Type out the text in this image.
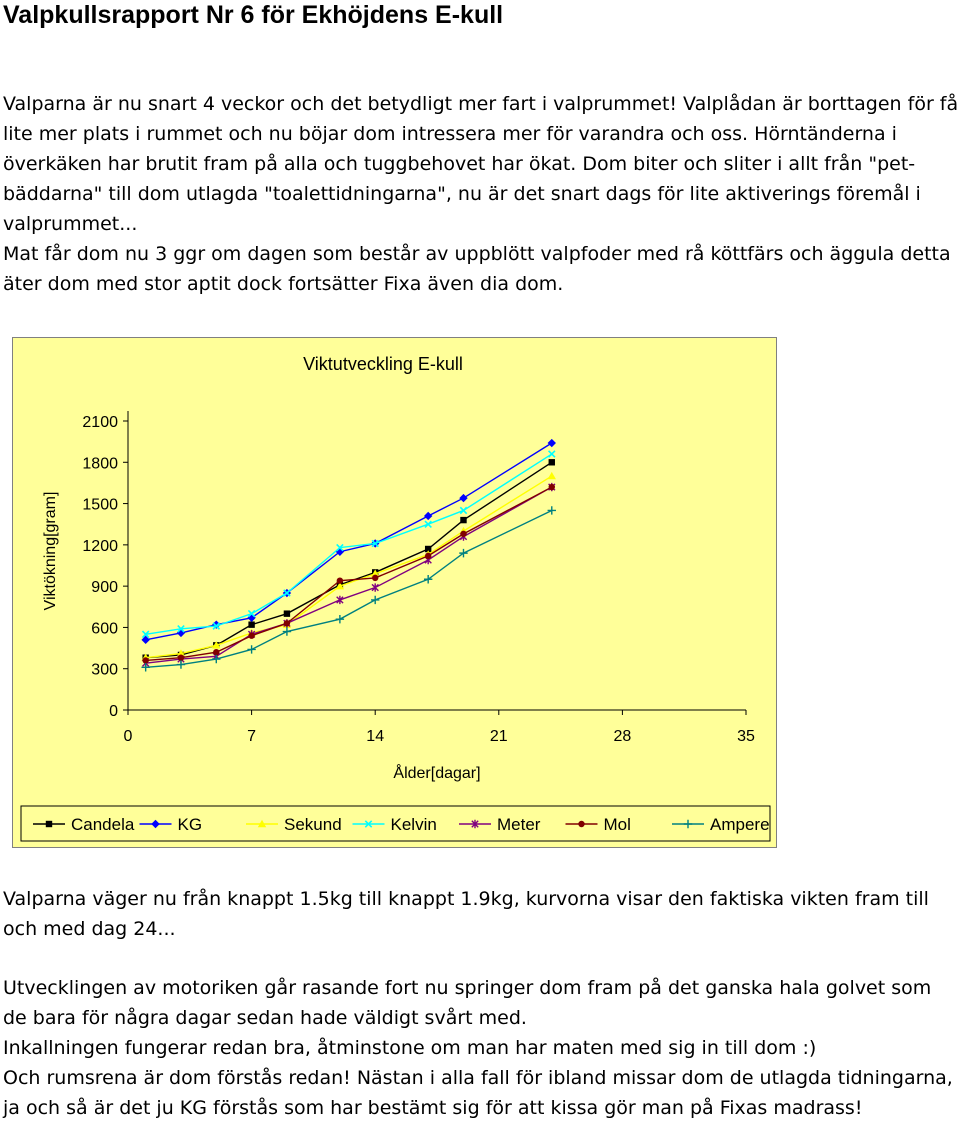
Valpkullsrapport Nr 6 för Ekhöjdens E-kull

Valparna är nu snart 4 veckor och det betydligt mer fart i valprummet! Valplådan är borttagen för få lite mer plats i rummet och nu böjar dom intressera mer för varandra och oss. Hörntänderna i överkäken har brutit fram på alla och tuggbehovet har ökat. Dom biter och sliter i allt från "pet-bäddarna" till dom utlagda "toalettidningarna", nu är det snart dags för lite aktiverings föremål i valprummet...

Mat får dom nu 3 ggr om dagen som består av uppblött valpfoder med rå köttfärs och äggula detta äter dom med stor aptit dock fortsätter Fixa även dia dom.

Viktutveckling E-kull
Viktökning[gram]
Ålder[dagar]
0
300
600
900
1200
1500
1800
2100
0	7	14	21	28	35
Candela	KG	Sekund	Kelvin	Meter	Mol	Ampere

Valparna väger nu från knappt 1.5kg till knappt 1.9kg, kurvorna visar den faktiska vikten fram till och med dag 24...

Utvecklingen av motoriken går rasande fort nu springer dom fram på det ganska hala golvet som de bara för några dagar sedan hade väldigt svårt med.

Inkallningen fungerar redan bra, åtminstone om man har maten med sig in till dom :)

Och rumsrena är dom förstås redan! Nästan i alla fall för ibland missar dom de utlagda tidningarna, ja och så är det ju KG förstås som har bestämt sig för att kissa gör man på Fixas madrass!
